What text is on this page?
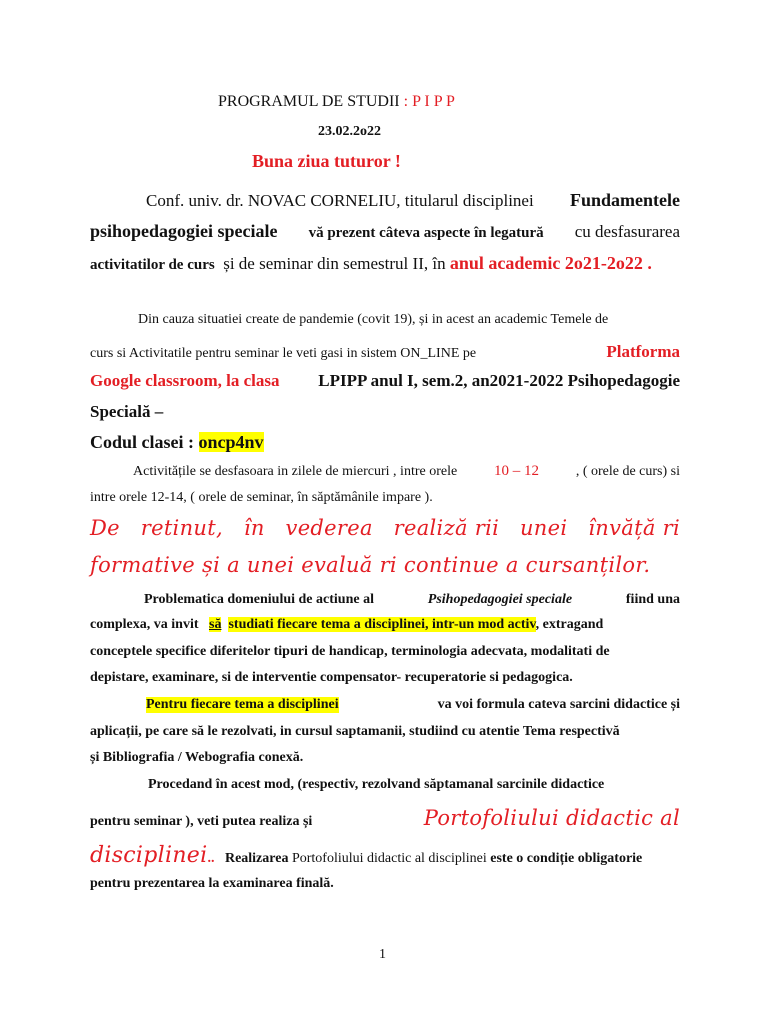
PROGRAMUL DE STUDII : P I P P
23.02.2o22
Buna ziua tuturor !
Conf. univ. dr. NOVAC CORNELIU, titularul disciplinei Fundamentele
psihopedagogiei speciale vă prezent câteva aspecte în legatură cu desfasurarea
activitatilor de curs și de seminar din semestrul II, în anul academic 2o21-2o22 .
Din cauza situatiei create de pandemie (covit 19), și in acest an academic Temele de
curs si Activitatile pentru seminar le veti gasi in sistem ON_LINE pe	Platforma
Google classroom, la clasa LPIPP anul I, sem.2, an2021-2022 Psihopedagogie
Specială –
Codul clasei : oncp4nv
Activitățile se desfasoara in zilele de miercuri , intre orele 10 – 12	, ( orele de curs) si
intre orele 12-14, ( orele de seminar, în săptămânile impare ).
De retinut, în vederea realiză rii unei învăță ri
formative și a unei evaluă ri continue a cursanților.
Problematica domeniului de actiune al	Psihopedagogiei speciale	fiind una
complexa, va invit să studiati fiecare tema a disciplinei, intr-un mod activ, extragand
conceptele specifice diferitelor tipuri de handicap, terminologia adecvata, modalitati de
depistare, examinare, si de interventie compensator- recuperatorie si pedagogica.
Pentru fiecare tema a disciplinei	va voi formula cateva sarcini didactice și
aplicații, pe care să le rezolvati, in cursul saptamanii, studiind cu atentie Tema respectivă
și Bibliografia / Webografia conexă.
Procedand în acest mod, (respectiv, rezolvand săptamanal sarcinile didactice
pentru seminar ), veti putea realiza și	Portofoliului didactic al
disciplinei.. Realizarea Portofoliului didactic al disciplinei este o condiție obligatorie
pentru prezentarea la examinarea finală.
1
